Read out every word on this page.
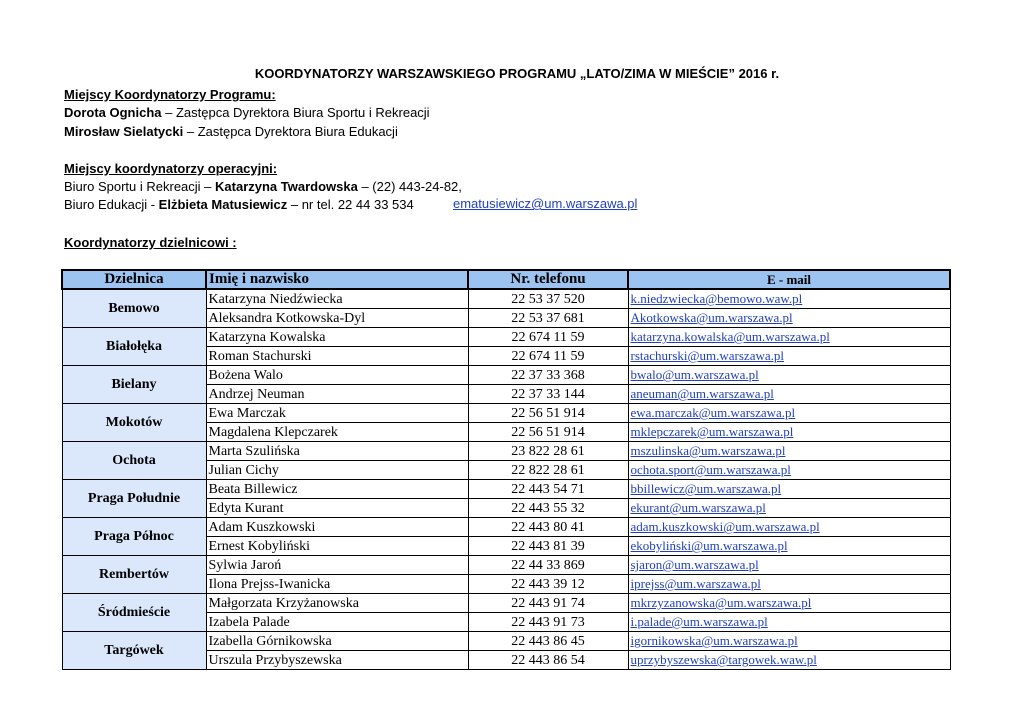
KOORDYNATORZY WARSZAWSKIEGO PROGRAMU „LATO/ZIMA W MIEŚCIE” 2016 r.
Miejscy Koordynatorzy Programu:
Dorota Ognicha – Zastępca Dyrektora Biura Sportu i Rekreacji
Mirosław Sielatycki – Zastępca Dyrektora Biura Edukacji
Miejscy koordynatorzy operacyjni:
Biuro Sportu i Rekreacji – Katarzyna Twardowska – (22) 443-24-82,
Biuro Edukacji - Elżbieta Matusiewicz – nr tel. 22 44 33 534	ematusiewicz@um.warszawa.pl
Koordynatorzy dzielnicowi :
Dzielnica	Imię i nazwisko	Nr. telefonu	E - mail
Bemowo	Katarzyna Niedźwiecka	22 53 37 520	k.niedzwiecka@bemowo.waw.pl
	Aleksandra Kotkowska-Dyl	22 53 37 681	Akotkowska@um.warszawa.pl
Białołęka	Katarzyna Kowalska	22 674 11 59	katarzyna.kowalska@um.warszawa.pl
	Roman Stachurski	22 674 11 59	rstachurski@um.warszawa.pl
Bielany	Bożena Walo	22 37 33 368	bwalo@um.warszawa.pl
	Andrzej Neuman	22 37 33 144	aneuman@um.warszawa.pl
Mokotów	Ewa Marczak	22 56 51 914	ewa.marczak@um.warszawa.pl
	Magdalena Klepczarek	22 56 51 914	mklepczarek@um.warszawa.pl
Ochota	Marta Szulińska	23 822 28 61	mszulinska@um.warszawa.pl
	Julian Cichy	22 822 28 61	ochota.sport@um.warszawa.pl
Praga Południe	Beata Billewicz	22 443 54 71	bbillewicz@um.warszawa.pl
	Edyta Kurant	22 443 55 32	ekurant@um.warszawa.pl
Praga Północ	Adam Kuszkowski	22 443 80 41	adam.kuszkowski@um.warszawa.pl
	Ernest Kobyliński	22 443 81 39	ekobyliński@um.warszawa.pl
Rembertów	Sylwia Jaroń	22 44 33 869	sjaron@um.warszawa.pl
	Ilona Prejss-Iwanicka	22 443 39 12	iprejss@um.warszawa.pl
Śródmieście	Małgorzata Krzyżanowska	22 443 91 74	mkrzyzanowska@um.warszawa.pl
	Izabela Palade	22 443 91 73	i.palade@um.warszawa.pl
Targówek	Izabella Górnikowska	22 443 86 45	igornikowska@um.warszawa.pl
	Urszula Przybyszewska	22 443 86 54	uprzybyszewska@targowek.waw.pl
